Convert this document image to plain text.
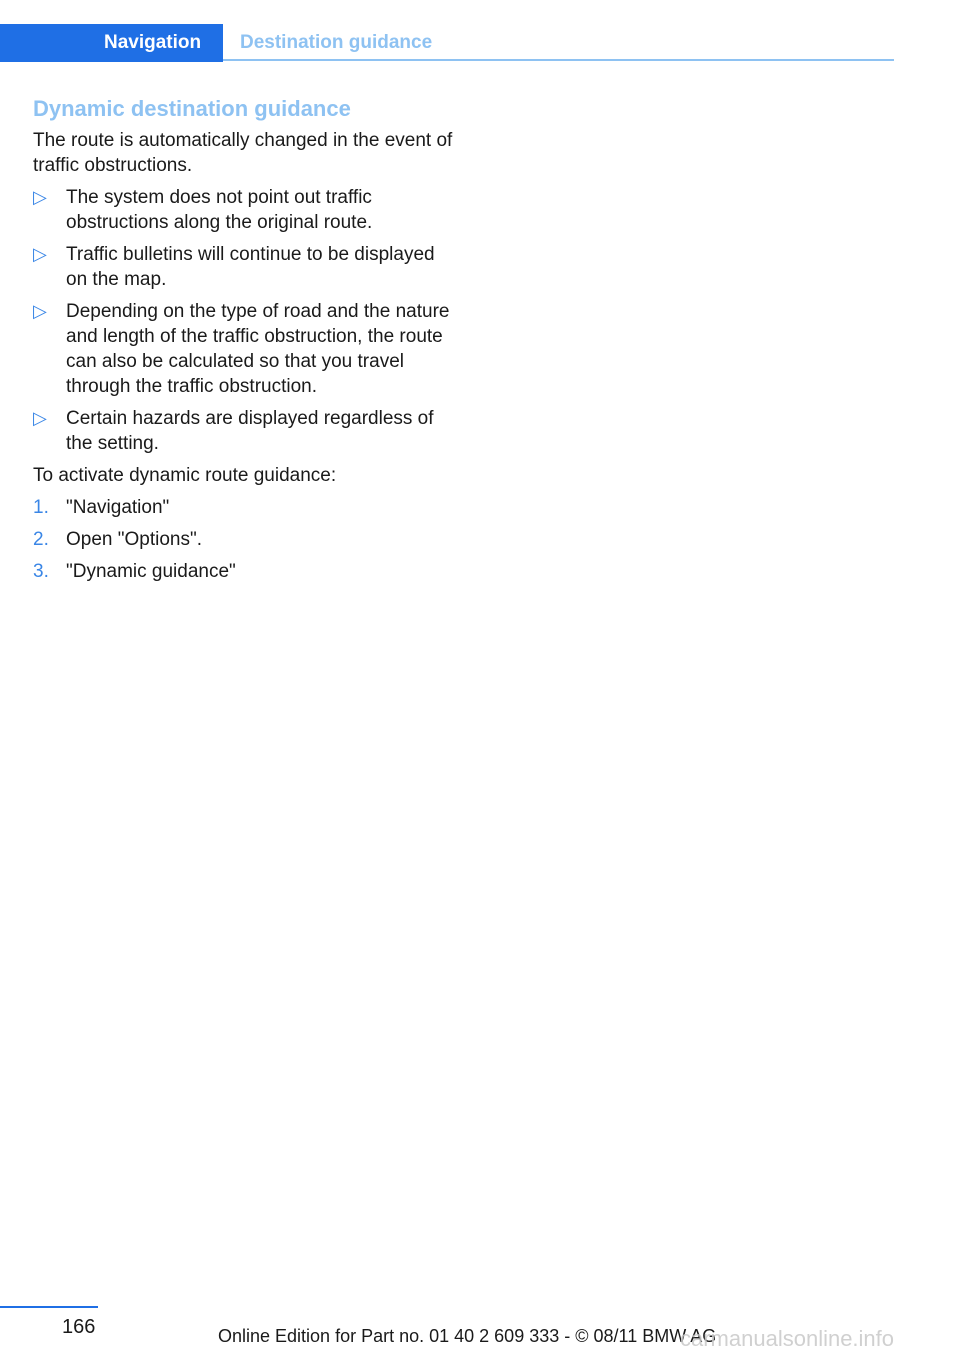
Navigation Destination guidance
Dynamic destination guidance

The route is automatically changed in the event of traffic obstructions.

▷ The system does not point out traffic obstructions along the original route.
▷ Traffic bulletins will continue to be displayed on the map.
▷ Depending on the type of road and the nature and length of the traffic obstruction, the route can also be calculated so that you travel through the traffic obstruction.
▷ Certain hazards are displayed regardless of the setting.

To activate dynamic route guidance:

1. "Navigation"
2. Open "Options".
3. "Dynamic guidance"
166	Online Edition for Part no. 01 40 2 609 333 - © 08/11 BMW AG
carmanualsonline.info
